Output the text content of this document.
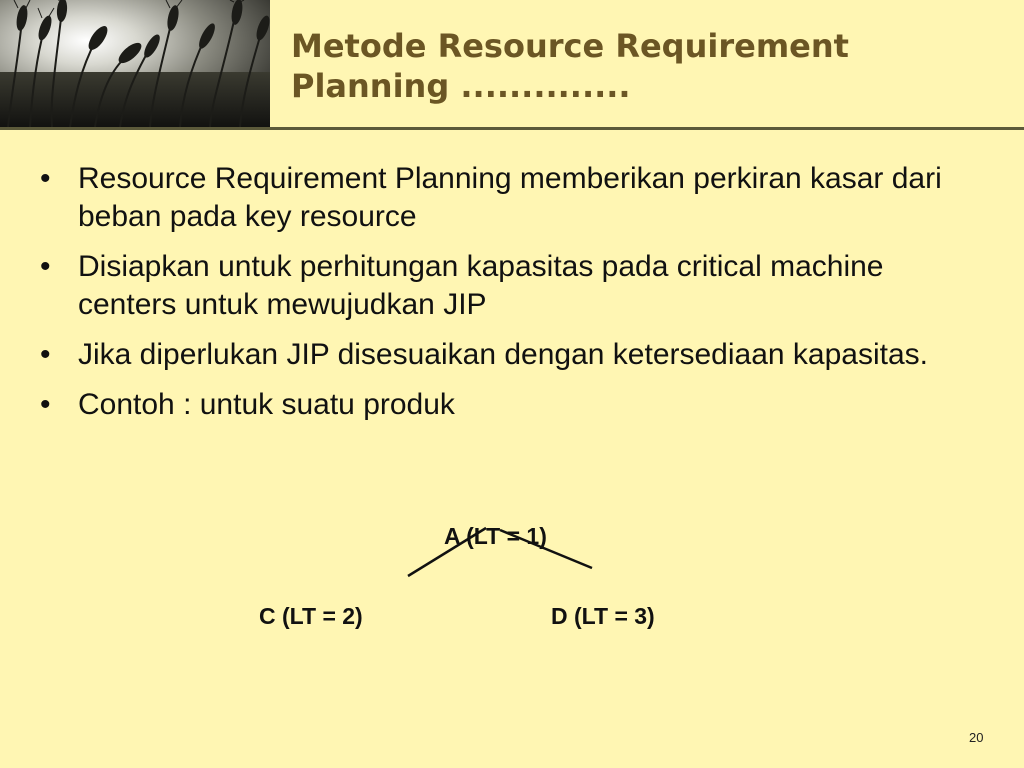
Metode Resource Requirement
Planning ..............
• Resource Requirement Planning memberikan perkiran kasar dari beban pada key resource
• Disiapkan untuk perhitungan kapasitas pada critical machine centers untuk mewujudkan JIP
• Jika diperlukan JIP disesuaikan dengan ketersediaan kapasitas.
• Contoh : untuk suatu produk
A (LT = 1)
C (LT = 2)	D (LT = 3)
20
